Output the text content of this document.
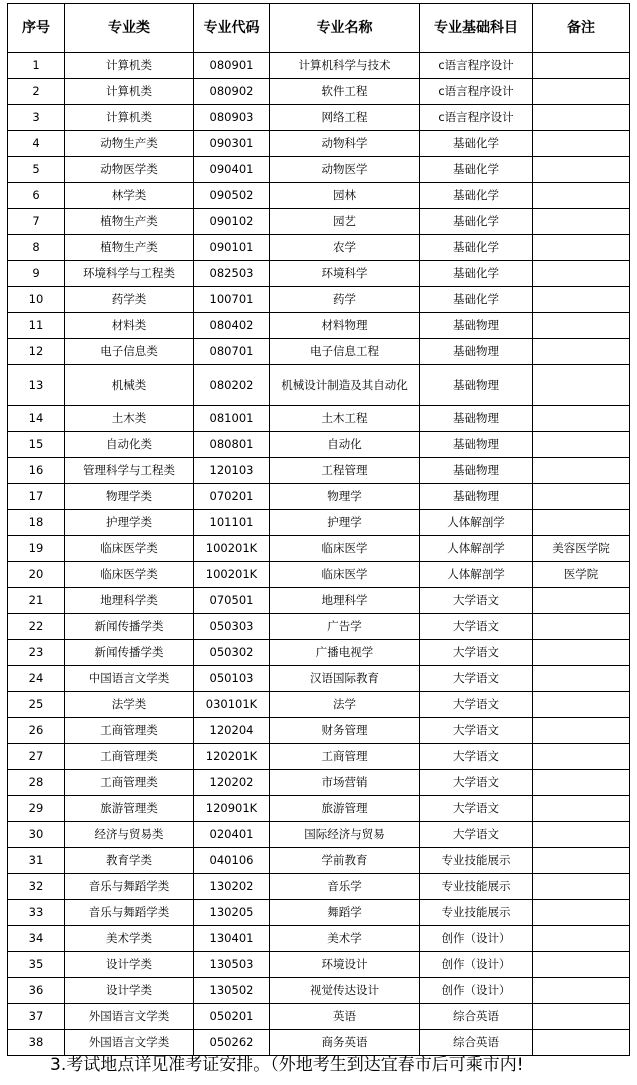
序号	专业类	专业代码	专业名称	专业基础科目	备注
1	计算机类	080901	计算机科学与技术	c语言程序设计	
2	计算机类	080902	软件工程	c语言程序设计	
3	计算机类	080903	网络工程	c语言程序设计	
4	动物生产类	090301	动物科学	基础化学	
5	动物医学类	090401	动物医学	基础化学	
6	林学类	090502	园林	基础化学	
7	植物生产类	090102	园艺	基础化学	
8	植物生产类	090101	农学	基础化学	
9	环境科学与工程类	082503	环境科学	基础化学	
10	药学类	100701	药学	基础化学	
11	材料类	080402	材料物理	基础物理	
12	电子信息类	080701	电子信息工程	基础物理	
13	机械类	080202	机械设计制造及其自动化	基础物理	
14	土木类	081001	土木工程	基础物理	
15	自动化类	080801	自动化	基础物理	
16	管理科学与工程类	120103	工程管理	基础物理	
17	物理学类	070201	物理学	基础物理	
18	护理学类	101101	护理学	人体解剖学	
19	临床医学类	100201K	临床医学	人体解剖学	美容医学院
20	临床医学类	100201K	临床医学	人体解剖学	医学院
21	地理科学类	070501	地理科学	大学语文	
22	新闻传播学类	050303	广告学	大学语文	
23	新闻传播学类	050302	广播电视学	大学语文	
24	中国语言文学类	050103	汉语国际教育	大学语文	
25	法学类	030101K	法学	大学语文	
26	工商管理类	120204	财务管理	大学语文	
27	工商管理类	120201K	工商管理	大学语文	
28	工商管理类	120202	市场营销	大学语文	
29	旅游管理类	120901K	旅游管理	大学语文	
30	经济与贸易类	020401	国际经济与贸易	大学语文	
31	教育学类	040106	学前教育	专业技能展示	
32	音乐与舞蹈学类	130202	音乐学	专业技能展示	
33	音乐与舞蹈学类	130205	舞蹈学	专业技能展示	
34	美术学类	130401	美术学	创作（设计）	
35	设计学类	130503	环境设计	创作（设计）	
36	设计学类	130502	视觉传达设计	创作（设计）	
37	外国语言文学类	050201	英语	综合英语	
38	外国语言文学类	050262	商务英语	综合英语	
3.考试地点详见准考证安排。（外地考生到达宜春市后可乘市内!
